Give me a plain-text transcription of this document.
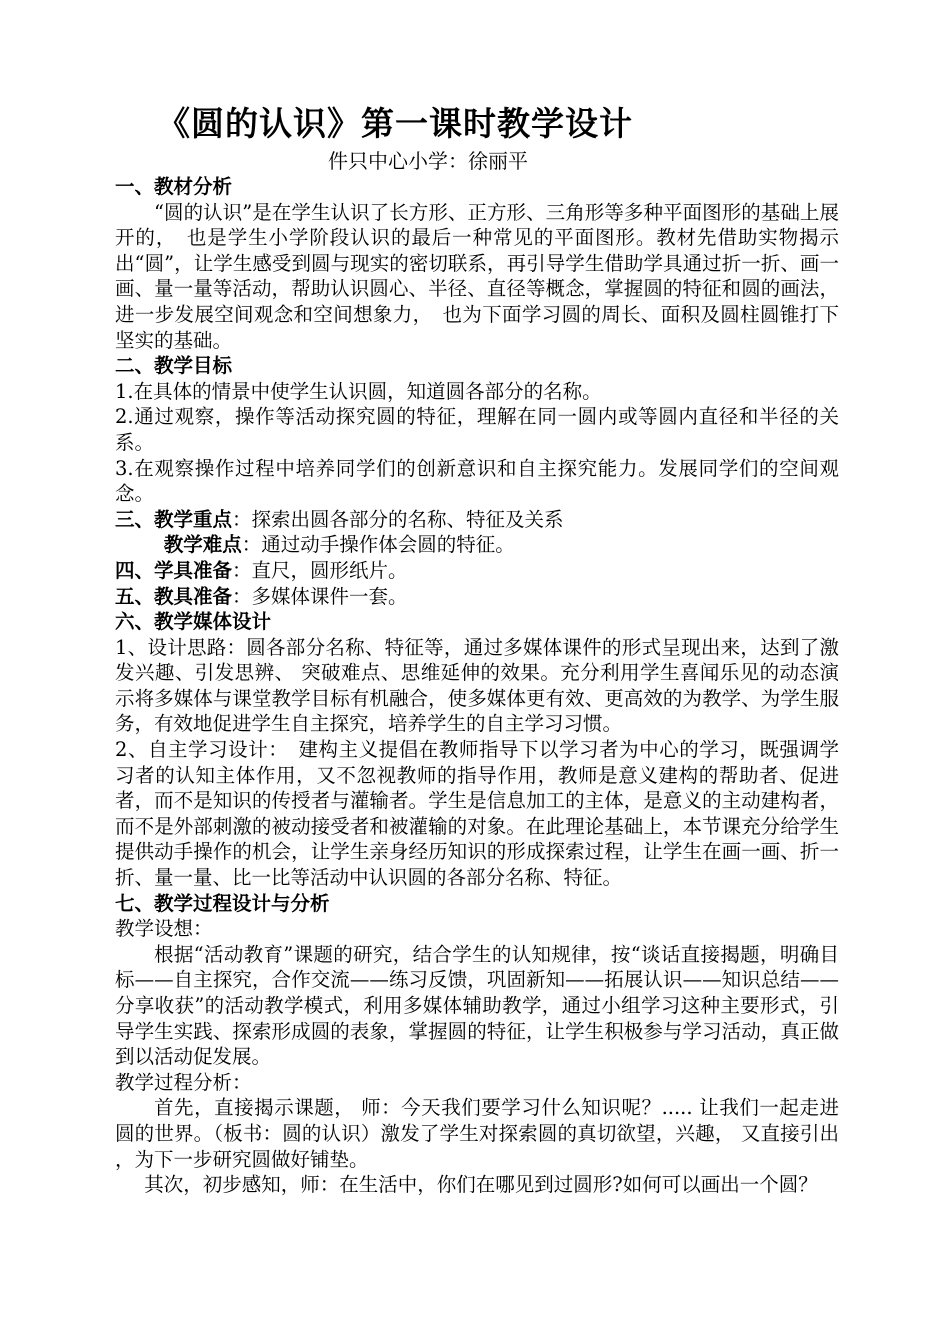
《圆的认识》第一课时教学设计
件只中心小学：徐丽平
一、教材分析

“圆的认识”是在学生认识了长方形、正方形、三角形等多种平面图形的基础上展开的，　也是学生小学阶段认识的最后一种常见的平面图形。教材先借助实物揭示出“圆”，让学生感受到圆与现实的密切联系，再引导学生借助学具通过折一折、画一画、量一量等活动，帮助认识圆心、半径、直径等概念，掌握圆的特征和圆的画法，进一步发展空间观念和空间想象力，　也为下面学习圆的周长、面积及圆柱圆锥打下坚实的基础。

二、教学目标

1.在具体的情景中使学生认识圆，知道圆各部分的名称。

2.通过观察，操作等活动探究圆的特征，理解在同一圆内或等圆内直径和半径的关系。

3.在观察操作过程中培养同学们的创新意识和自主探究能力。发展同学们的空间观念。

三、教学重点：探索出圆各部分的名称、特征及关系
教学难点：通过动手操作体会圆的特征。
四、学具准备：直尺，圆形纸片。
五、教具准备：多媒体课件一套。
六、教学媒体设计

1、设计思路：圆各部分名称、特征等，通过多媒体课件的形式呈现出来，达到了激发兴趣、引发思辨、 突破难点、思维延伸的效果。充分利用学生喜闻乐见的动态演示将多媒体与课堂教学目标有机融合，使多媒体更有效、更高效的为教学、为学生服务，有效地促进学生自主探究，培养学生的自主学习习惯。

2、自主学习设计：　建构主义提倡在教师指导下以学习者为中心的学习，既强调学习者的认知主体作用，又不忽视教师的指导作用，教师是意义建构的帮助者、促进者，而不是知识的传授者与灌输者。学生是信息加工的主体，是意义的主动建构者，而不是外部刺激的被动接受者和被灌输的对象。在此理论基础上，本节课充分给学生提供动手操作的机会，让学生亲身经历知识的形成探索过程，让学生在画一画、折一折、量一量、比一比等活动中认识圆的各部分名称、特征。

七、教学过程设计与分析
教学设想：

根据“活动教育”课题的研究，结合学生的认知规律，按“谈话直接揭题，明确目标——自主探究，合作交流——练习反馈，巩固新知——拓展认识——知识总结——分享收获”的活动教学模式，利用多媒体辅助教学，通过小组学习这种主要形式，引导学生实践、探索形成圆的表象，掌握圆的特征，让学生积极参与学习活动，真正做到以活动促发展。

教学过程分析：

首先，直接揭示课题， 师：今天我们要学习什么知识呢？..... 让我们一起走进圆的世界。（板书：圆的认识）激发了学生对探索圆的真切欲望，兴趣， 又直接引出 ，为下一步研究圆做好铺垫。

其次，初步感知，师：在生活中，你们在哪见到过圆形?如何可以画出一个圆？
